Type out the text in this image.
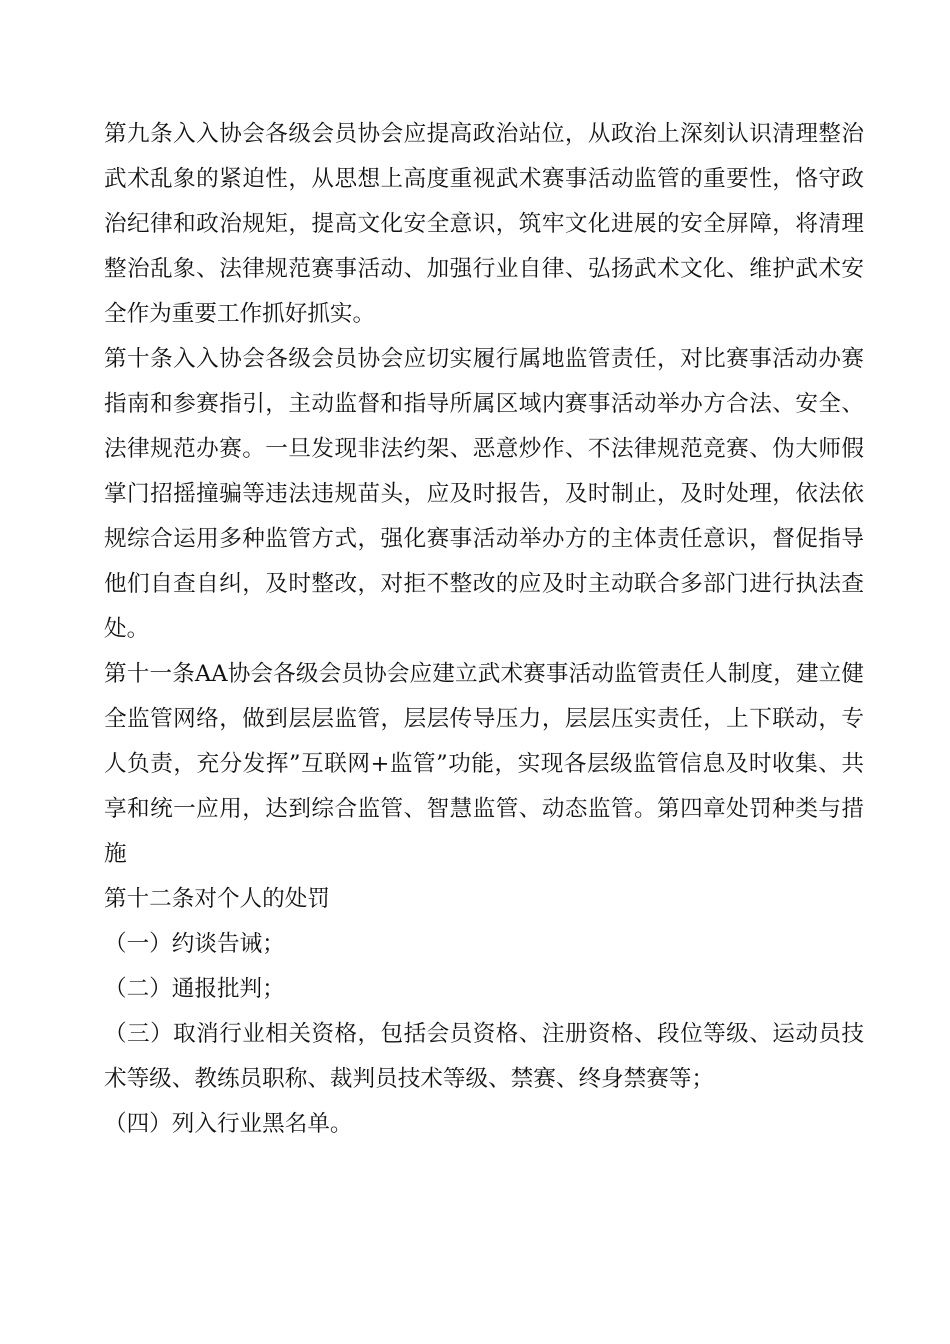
第九条入入协会各级会员协会应提高政治站位，从政治上深刻认识清理整治武术乱象的紧迫性，从思想上高度重视武术赛事活动监管的重要性，恪守政治纪律和政治规矩，提高文化安全意识，筑牢文化进展的安全屏障，将清理整治乱象、法律规范赛事活动、加强行业自律、弘扬武术文化、维护武术安全作为重要工作抓好抓实。

第十条入入协会各级会员协会应切实履行属地监管责任，对比赛事活动办赛指南和参赛指引，主动监督和指导所属区域内赛事活动举办方合法、安全、法律规范办赛。一旦发现非法约架、恶意炒作、不法律规范竞赛、伪大师假掌门招摇撞骗等违法违规苗头，应及时报告，及时制止，及时处理，依法依规综合运用多种监管方式，强化赛事活动举办方的主体责任意识，督促指导他们自查自纠，及时整改，对拒不整改的应及时主动联合多部门进行执法查处。

第十一条AA协会各级会员协会应建立武术赛事活动监管责任人制度，建立健全监管网络，做到层层监管，层层传导压力，层层压实责任，上下联动，专人负责，充分发挥”互联网+监管”功能，实现各层级监管信息及时收集、共享和统一应用，达到综合监管、智慧监管、动态监管。第四章处罚种类与措施

第十二条对个人的处罚

（一）约谈告诫；

（二）通报批判；

（三）取消行业相关资格，包括会员资格、注册资格、段位等级、运动员技术等级、教练员职称、裁判员技术等级、禁赛、终身禁赛等；

（四）列入行业黑名单。
